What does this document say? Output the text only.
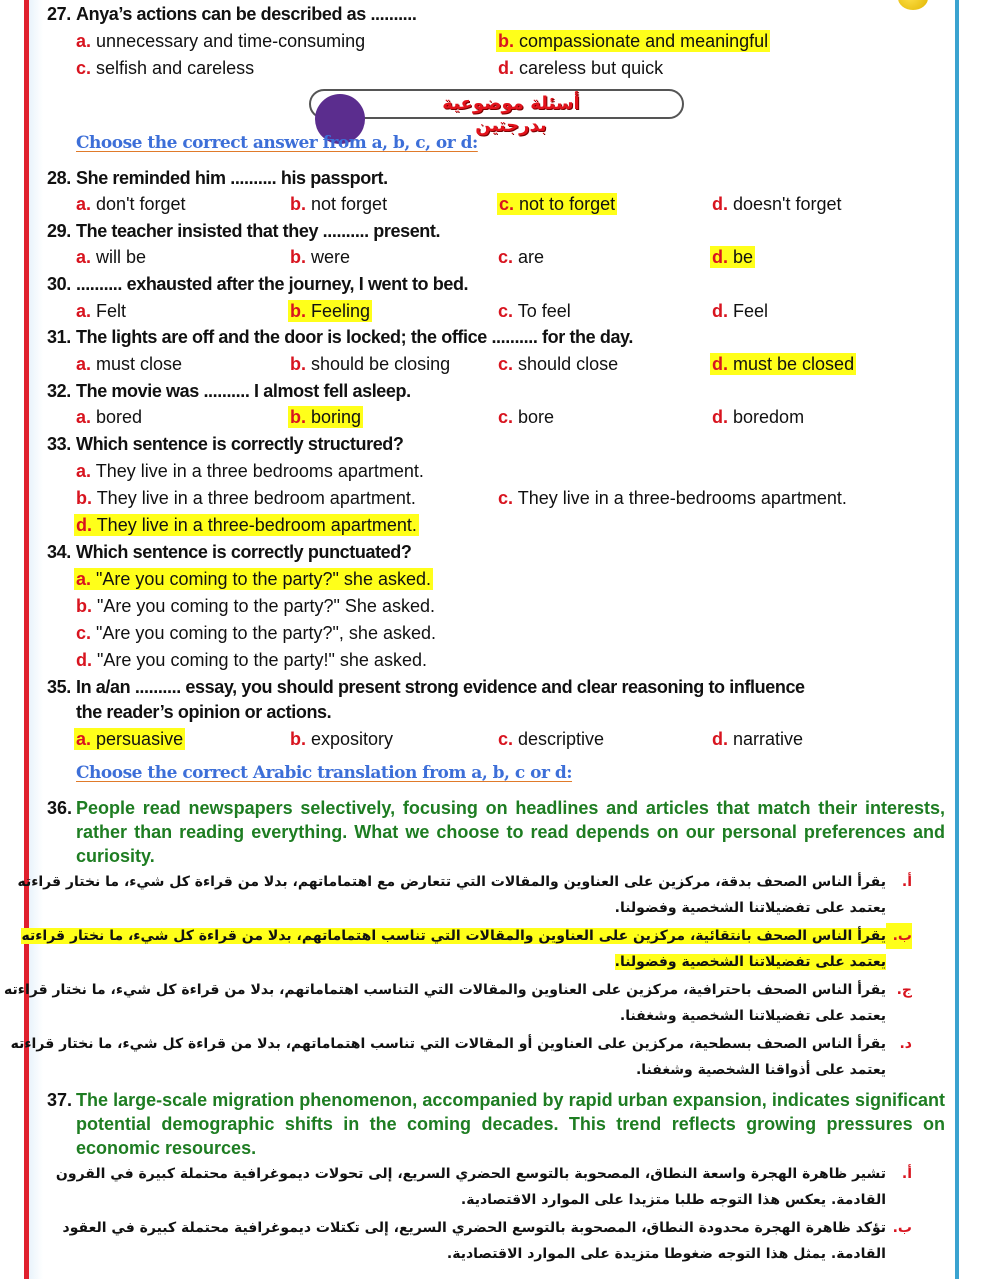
27. Anya’s actions can be described as ..........
a. unnecessary and time-consuming	b. compassionate and meaningful
c. selfish and careless	d. careless but quick
أسئلة موضوعية بدرجتين
Choose the correct answer from a, b, c, or d:
28. She reminded him .......... his passport.
a. don't forget	b. not forget	c. not to forget	d. doesn't forget
29. The teacher insisted that they .......... present.
a. will be	b. were	c. are	d. be
30. .......... exhausted after the journey, I went to bed.
a. Felt	b. Feeling	c. To feel	d. Feel
31. The lights are off and the door is locked; the office .......... for the day.
a. must close	b. should be closing	c. should close	d. must be closed
32. The movie was .......... I almost fell asleep.
a. bored	b. boring	c. bore	d. boredom
33. Which sentence is correctly structured?
a. They live in a three bedrooms apartment.
b. They live in a three bedroom apartment.	c. They live in a three-bedrooms apartment.
d. They live in a three-bedroom apartment.
34. Which sentence is correctly punctuated?
a. "Are you coming to the party?" she asked.
b. "Are you coming to the party?" She asked.
c. "Are you coming to the party?", she asked.
d. "Are you coming to the party!" she asked.
35. In a/an .......... essay, you should present strong evidence and clear reasoning to influence
the reader’s opinion or actions.
a. persuasive	b. expository	c. descriptive	d. narrative
Choose the correct Arabic translation from a, b, c or d:
36. People read newspapers selectively, focusing on headlines and articles that match their interests, rather than reading everything. What we choose to read depends on our personal preferences and curiosity.
أ.يقرأ الناس الصحف بدقة، مركزين على العناوين والمقالات التي تتعارض مع اهتماماتهم، بدلا من قراءة كل شيء، ما نختار قراءته
يعتمد على تفضيلاتنا الشخصية وفضولنا.
ب.يقرأ الناس الصحف بانتقائية، مركزين على العناوين والمقالات التي تناسب اهتماماتهم، بدلا من قراءة كل شيء، ما نختار قراءته
يعتمد على تفضيلاتنا الشخصية وفضولنا.
ج.يقرأ الناس الصحف باحترافية، مركزين على العناوين والمقالات التي التناسب اهتماماتهم، بدلا من قراءة كل شيء، ما نختار قراءته
يعتمد على تفضيلاتنا الشخصية وشغفنا.
د.يقرأ الناس الصحف بسطحية، مركزين على العناوين أو المقالات التي تناسب اهتماماتهم، بدلا من قراءة كل شيء، ما نختار قراءته
يعتمد على أذواقنا الشخصية وشغفنا.
37. The large-scale migration phenomenon, accompanied by rapid urban expansion, indicates significant potential demographic shifts in the coming decades. This trend reflects growing pressures on economic resources.
أ.تشير ظاهرة الهجرة واسعة النطاق، المصحوبة بالتوسع الحضري السريع، إلى تحولات ديموغرافية محتملة كبيرة في القرون
القادمة. يعكس هذا التوجه طلبا متزيدا على الموارد الاقتصادية.
ب.تؤكد ظاهرة الهجرة محدودة النطاق، المصحوبة بالتوسع الحضري السريع، إلى تكتلات ديموغرافية محتملة كبيرة في العقود
القادمة. يمثل هذا التوجه ضغوطا متزيدة على الموارد الاقتصادية.
